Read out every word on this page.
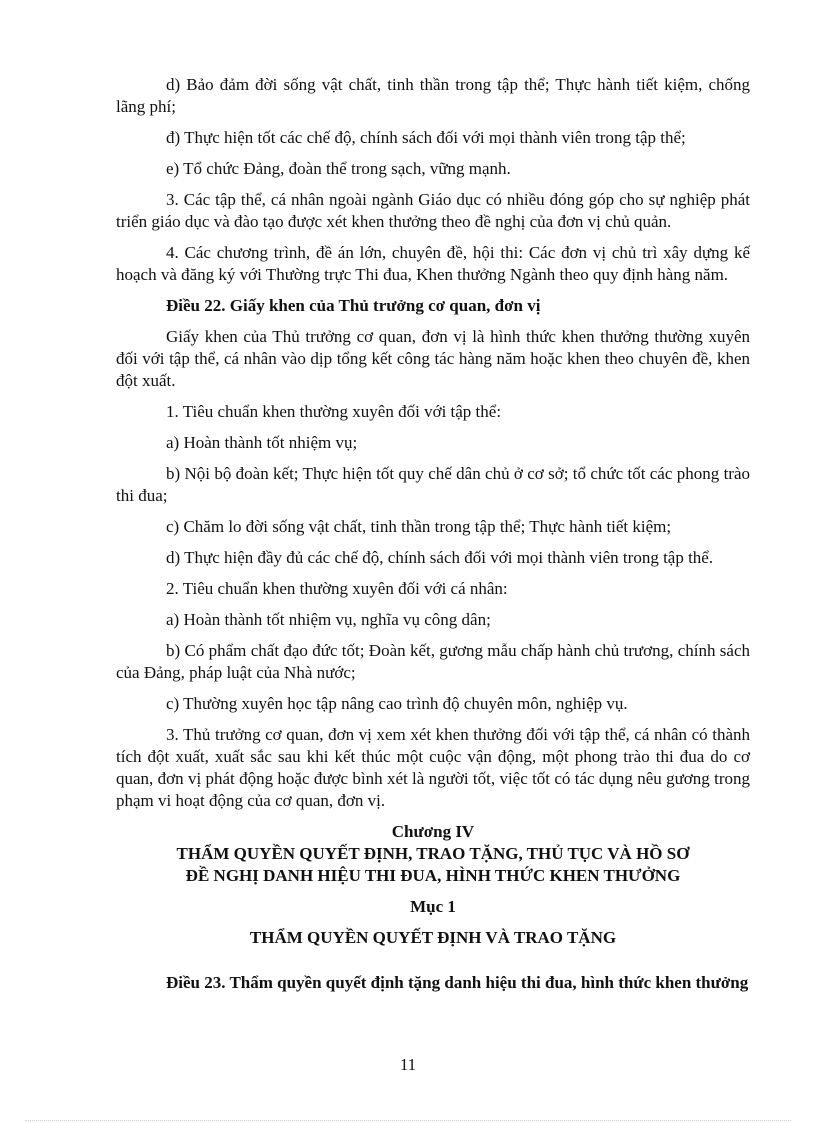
d) Bảo đảm đời sống vật chất, tinh thần trong tập thể; Thực hành tiết kiệm, chống lãng phí;

đ) Thực hiện tốt các chế độ, chính sách đối với mọi thành viên trong tập thể;

e) Tổ chức Đảng, đoàn thể trong sạch, vững mạnh.

3. Các tập thể, cá nhân ngoài ngành Giáo dục có nhiều đóng góp cho sự nghiệp phát triển giáo dục và đào tạo được xét khen thưởng theo đề nghị của đơn vị chủ quản.

4. Các chương trình, đề án lớn, chuyên đề, hội thi: Các đơn vị chủ trì xây dựng kế hoạch và đăng ký với Thường trực Thi đua, Khen thưởng Ngành theo quy định hàng năm.

Điều 22. Giấy khen của Thủ trưởng cơ quan, đơn vị

Giấy khen của Thủ trưởng cơ quan, đơn vị là hình thức khen thưởng thường xuyên đối với tập thể, cá nhân vào dịp tổng kết công tác hàng năm hoặc khen theo chuyên đề, khen đột xuất.

1. Tiêu chuẩn khen thường xuyên đối với tập thể:

a) Hoàn thành tốt nhiệm vụ;

b) Nội bộ đoàn kết; Thực hiện tốt quy chế dân chủ ở cơ sở; tổ chức tốt các phong trào thi đua;

c) Chăm lo đời sống vật chất, tinh thần trong tập thể; Thực hành tiết kiệm;

d) Thực hiện đầy đủ các chế độ, chính sách đối với mọi thành viên trong tập thể.

2. Tiêu chuẩn khen thường xuyên đối với cá nhân:

a) Hoàn thành tốt nhiệm vụ, nghĩa vụ công dân;

b) Có phẩm chất đạo đức tốt; Đoàn kết, gương mẫu chấp hành chủ trương, chính sách của Đảng, pháp luật của Nhà nước;

c) Thường xuyên học tập nâng cao trình độ chuyên môn, nghiệp vụ.

3. Thủ trưởng cơ quan, đơn vị xem xét khen thưởng đối với tập thể, cá nhân có thành tích đột xuất, xuất sắc sau khi kết thúc một cuộc vận động, một phong trào thi đua do cơ quan, đơn vị phát động hoặc được bình xét là người tốt, việc tốt có tác dụng nêu gương trong phạm vi hoạt động của cơ quan, đơn vị.

Chương IV

THẨM QUYỀN QUYẾT ĐỊNH, TRAO TẶNG, THỦ TỤC VÀ HỒ SƠ

ĐỀ NGHỊ DANH HIỆU THI ĐUA, HÌNH THỨC KHEN THƯỞNG

Mục 1

THẨM QUYỀN QUYẾT ĐỊNH VÀ TRAO TẶNG

Điều 23. Thẩm quyền quyết định tặng danh hiệu thi đua, hình thức khen thưởng

11
